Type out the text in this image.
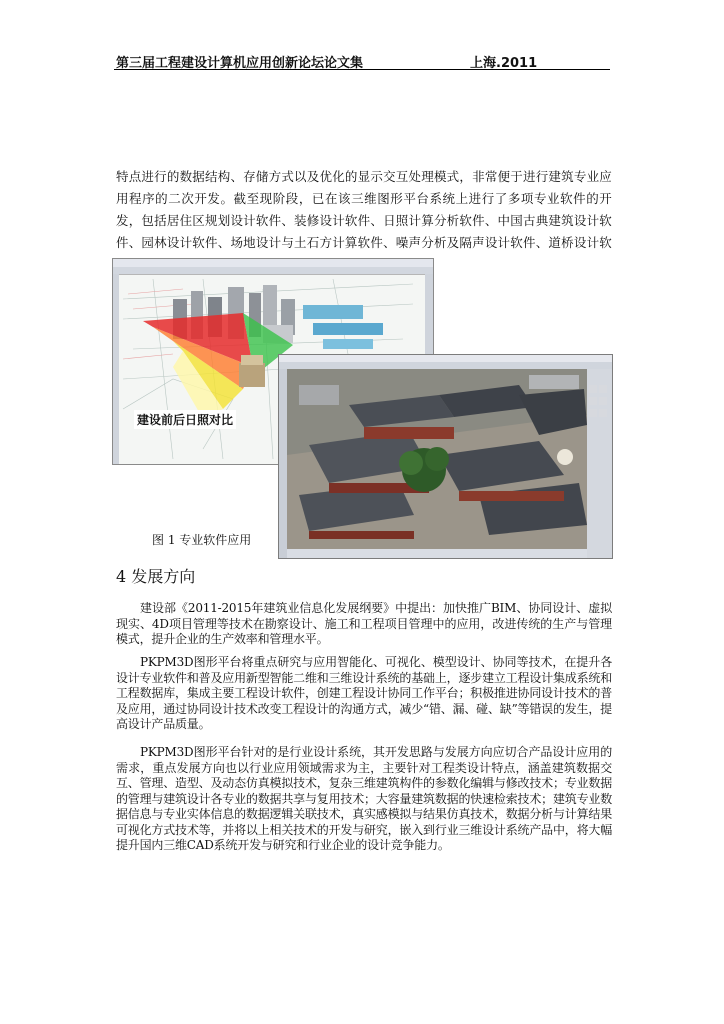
第三届工程建设计算机应用创新论坛论文集	上海.2011

特点进行的数据结构、存储方式以及优化的显示交互处理模式，非常便于进行建筑专业应用程序的二次开发。截至现阶段，已在该三维图形平台系统上进行了多项专业软件的开发，包括居住区规划设计软件、装修设计软件、日照计算分析软件、中国古典建筑设计软件、园林设计软件、场地设计与土石方计算软件、噪声分析及隔声设计软件、道桥设计软

建设前后日照对比
图 1 专业软件应用
4 发展方向

建设部《2011-2015年建筑业信息化发展纲要》中提出：加快推广BIM、协同设计、虚拟现实、4D项目管理等技术在勘察设计、施工和工程项目管理中的应用，改进传统的生产与管理模式，提升企业的生产效率和管理水平。

PKPM3D图形平台将重点研究与应用智能化、可视化、模型设计、协同等技术，在提升各设计专业软件和普及应用新型智能二维和三维设计系统的基础上，逐步建立工程设计集成系统和工程数据库，集成主要工程设计软件，创建工程设计协同工作平台；积极推进协同设计技术的普及应用，通过协同设计技术改变工程设计的沟通方式，减少“错、漏、碰、缺”等错误的发生，提高设计产品质量。

PKPM3D图形平台针对的是行业设计系统，其开发思路与发展方向应切合产品设计应用的需求，重点发展方向也以行业应用领域需求为主，主要针对工程类设计特点，涵盖建筑数据交互、管理、造型、及动态仿真模拟技术，复杂三维建筑构件的参数化编辑与修改技术；专业数据的管理与建筑设计各专业的数据共享与复用技术；大容量建筑数据的快速检索技术；建筑专业数据信息与专业实体信息的数据逻辑关联技术，真实感模拟与结果仿真技术，数据分析与计算结果可视化方式技术等，并将以上相关技术的开发与研究，嵌入到行业三维设计系统产品中，将大幅提升国内三维CAD系统开发与研究和行业企业的设计竞争能力。
